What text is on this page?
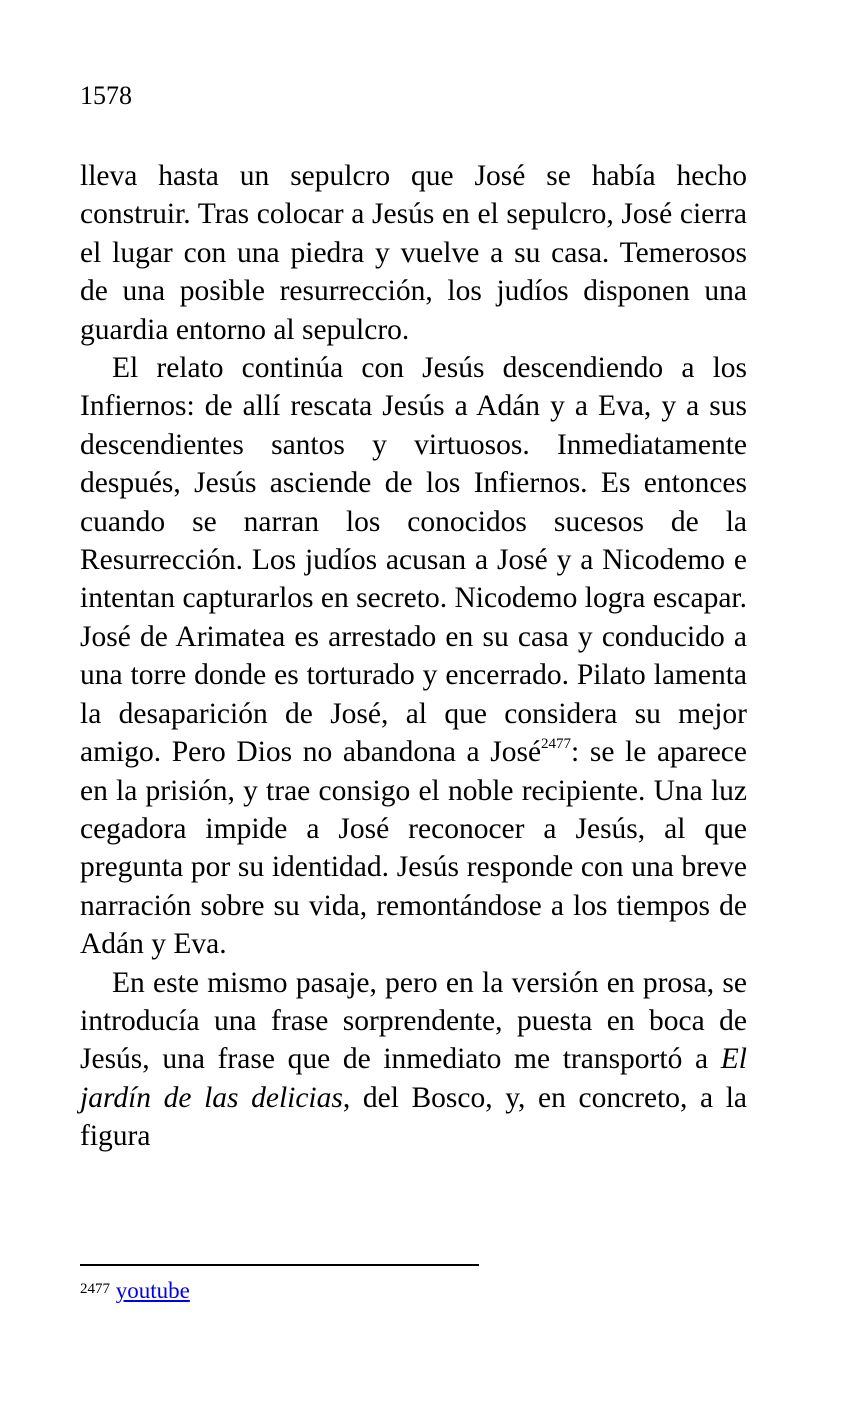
1578

lleva hasta un sepulcro que José se había hecho construir. Tras colocar a Jesús en el sepulcro, José cierra el lugar con una piedra y vuelve a su casa. Temerosos de una posible resurrección, los judíos disponen una guardia entorno al sepulcro.

El relato continúa con Jesús descendiendo a los Infiernos: de allí rescata Jesús a Adán y a Eva, y a sus descendientes santos y virtuosos. Inmediatamente después, Jesús asciende de los Infiernos. Es entonces cuando se narran los conocidos sucesos de la Resurrección. Los judíos acusan a José y a Nicodemo e intentan capturarlos en secreto. Nicodemo logra escapar. José de Arimatea es arrestado en su casa y conducido a una torre donde es torturado y encerrado. Pilato lamenta la desaparición de José, al que considera su mejor amigo. Pero Dios no abandona a José$^{2477}$: se le aparece en la prisión, y trae consigo el noble recipiente. Una luz cegadora impide a José reconocer a Jesús, al que pregunta por su identidad. Jesús responde con una breve narración sobre su vida, remontándose a los tiempos de Adán y Eva.

En este mismo pasaje, pero en la versión en prosa, se introducía una frase sorprendente, puesta en boca de Jesús, una frase que de inmediato me transportó a El jardín de las delicias, del Bosco, y, en concreto, a la figura

$^{2477}$ youtube
